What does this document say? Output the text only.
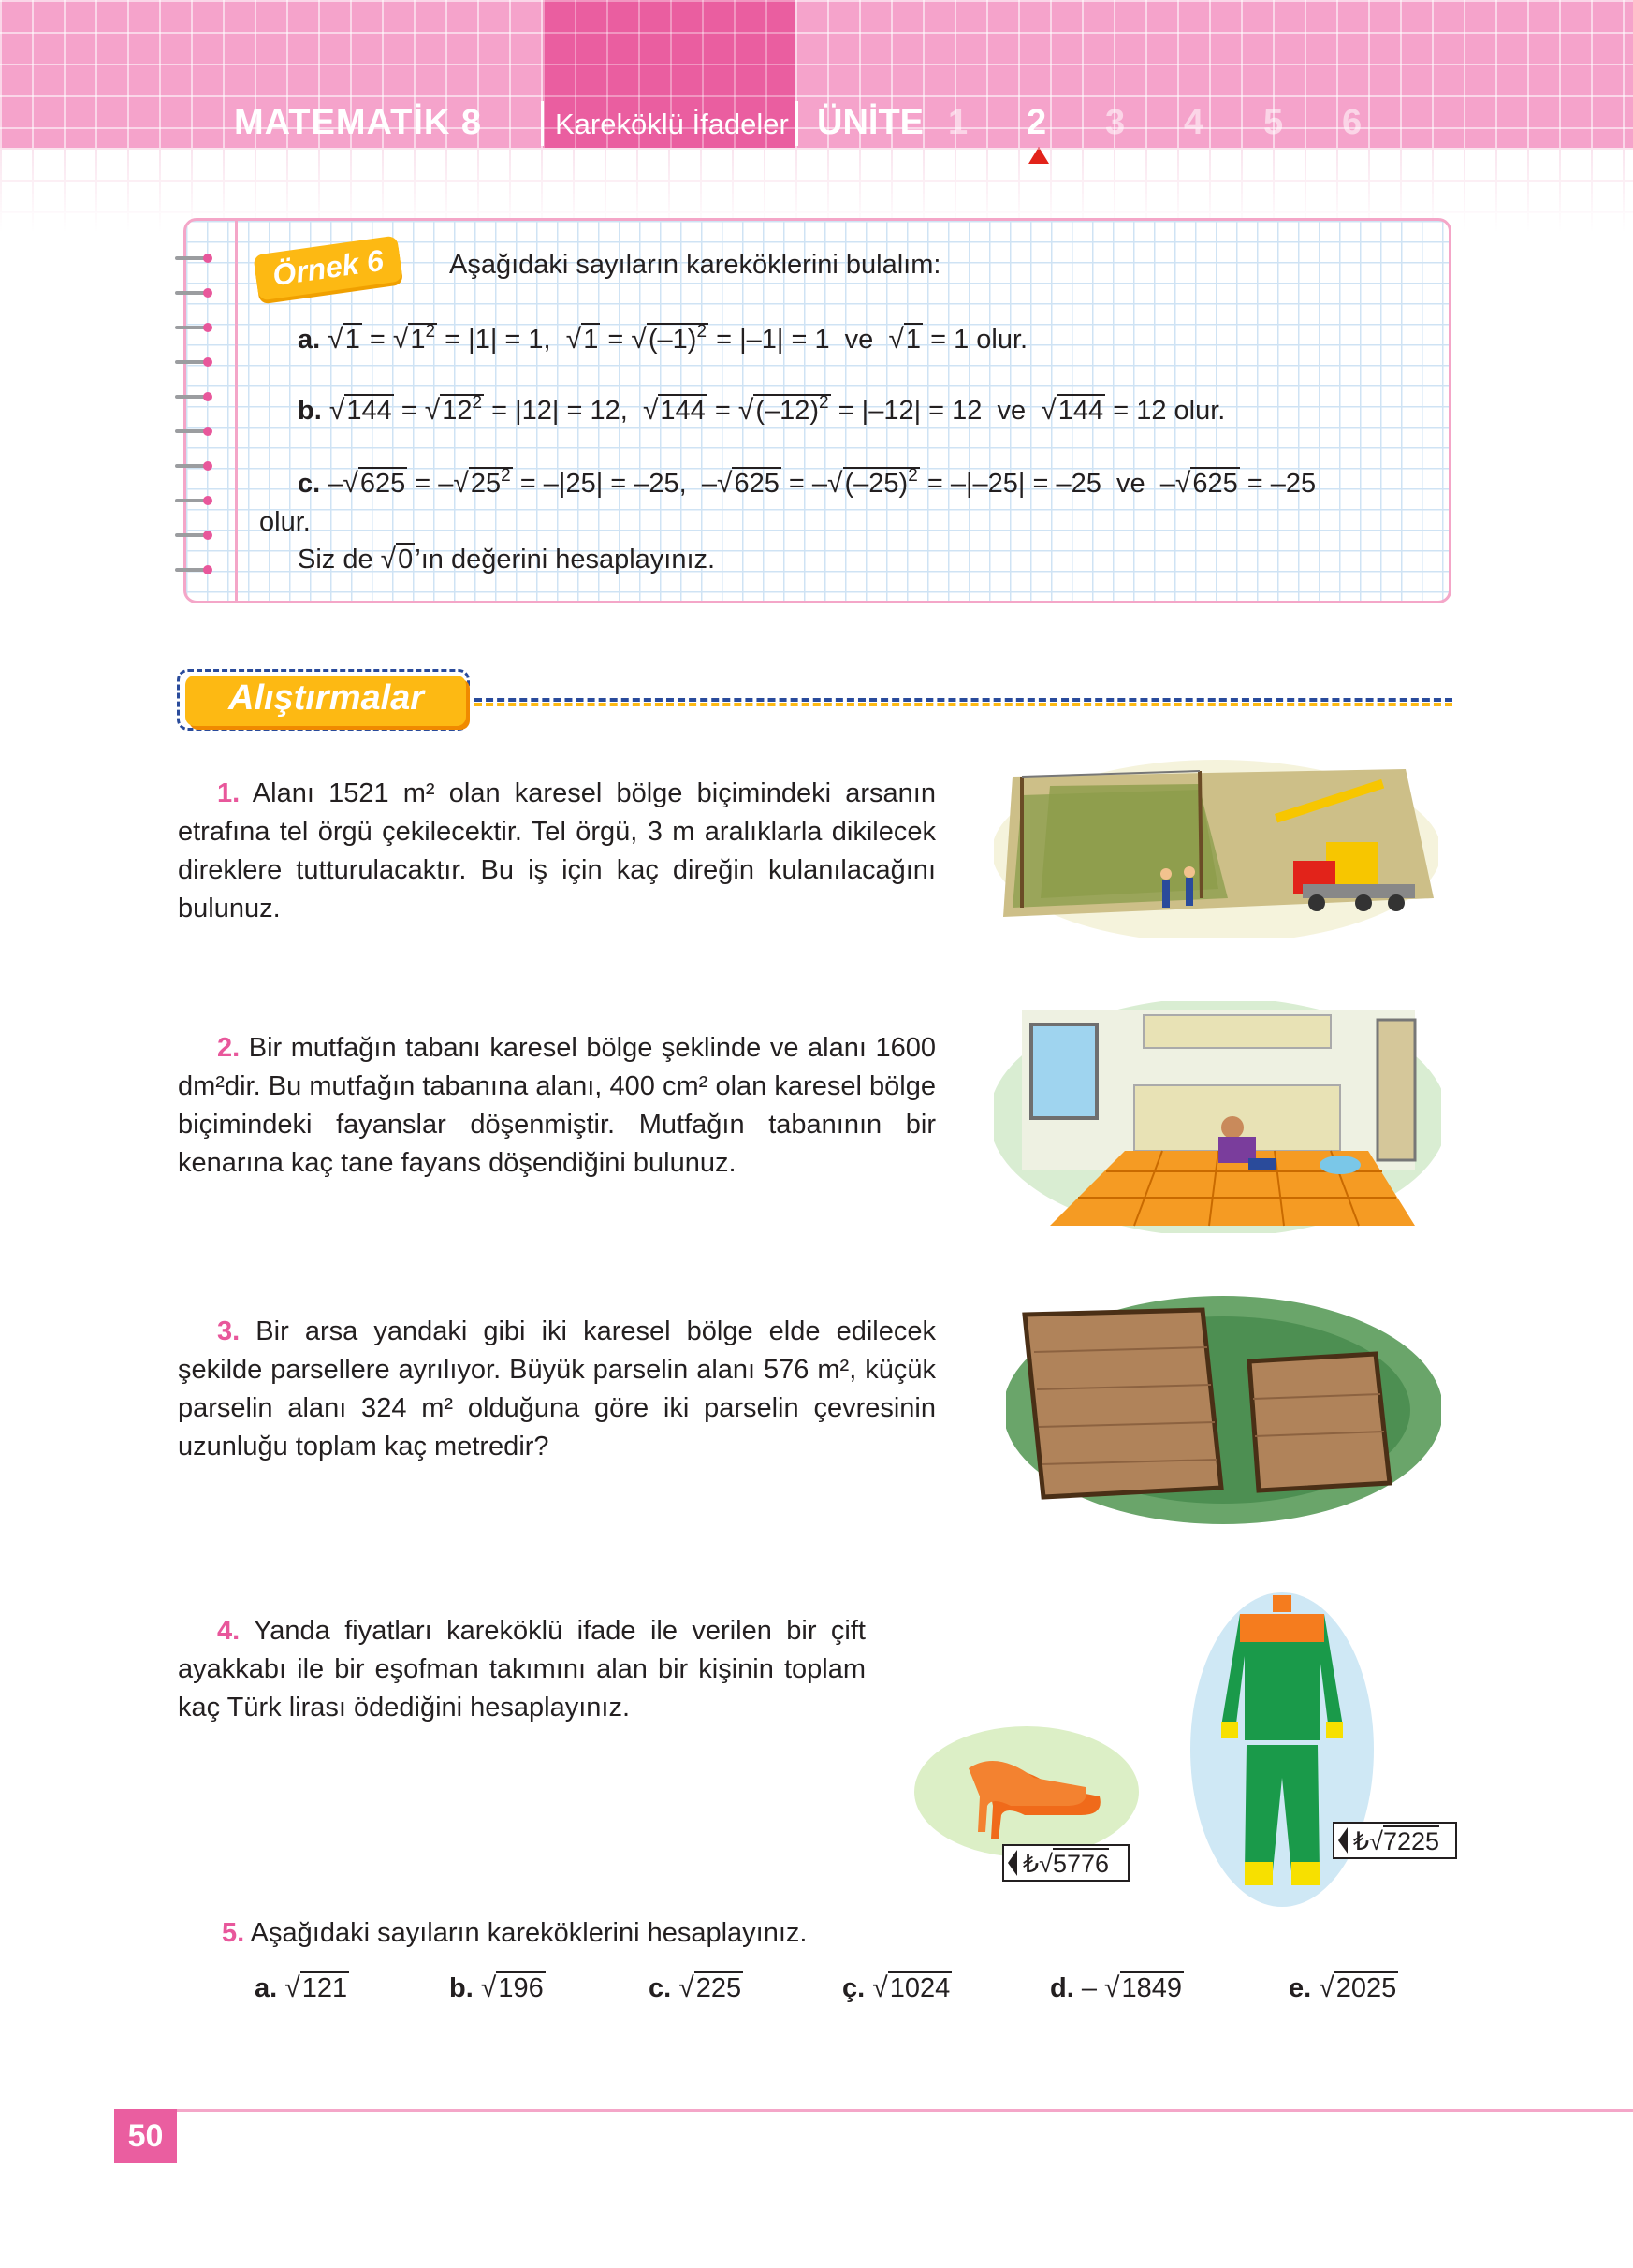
MATEMATİK 8	Kareköklü İfadeler ÜNİTE 1 2 3 4 5 6
Örnek 6	Aşağıdaki sayıların kareköklerini bulalım:
a. $√1 = √1^2 = |1| = 1$,  $√1 = √(-1)^2 = |-1| = 1$  ve  √1 = 1 olur.
b. $√144 = √12^2 = |12| = 12$,  $√144 = √(-12)^2 = |-12| = 12$  ve  √144 = 12 olur.
c. $-√625 = -√25^2 = -|25| = -25$,  $-√625 = -√(-25)^2 = -|-25| = -25$  ve  –√625 = –25
olur.
Siz de √0’ın değerini hesaplayınız.
Alıştırmalar
1. Alanı 1521 m² olan karesel bölge biçimindeki arsanın etrafına tel örgü çekilecektir. Tel örgü, 3 m aralıklarla dikilecek direklere tutturulacaktır. Bu iş için kaç direğin kulanılacağını bulunuz.
2. Bir mutfağın tabanı karesel bölge şeklinde ve alanı 1600 dm²dir. Bu mutfağın tabanına alanı, 400 cm² olan karesel bölge biçimindeki fayanslar döşenmiştir. Mutfağın tabanının bir kenarına kaç tane fayans döşendiğini bulunuz.
3. Bir arsa yandaki gibi iki karesel bölge elde edilecek şekilde parsellere ayrılıyor. Büyük parselin alanı 576 m², küçük parselin alanı 324 m² olduğuna göre iki parselin çevresinin uzunluğu toplam kaç metredir?
4. Yanda fiyatları kareköklü ifade ile verilen bir çift ayakkabı ile bir eşofman takımını alan bir kişinin toplam kaç Türk lirası ödediğini hesaplayınız.
₺√5776
₺√7225
5. Aşağıdaki sayıların kareköklerini hesaplayınız.
a. √121	b. √196	c. √225	ç. √1024	d. – √1849	e. √2025
50
